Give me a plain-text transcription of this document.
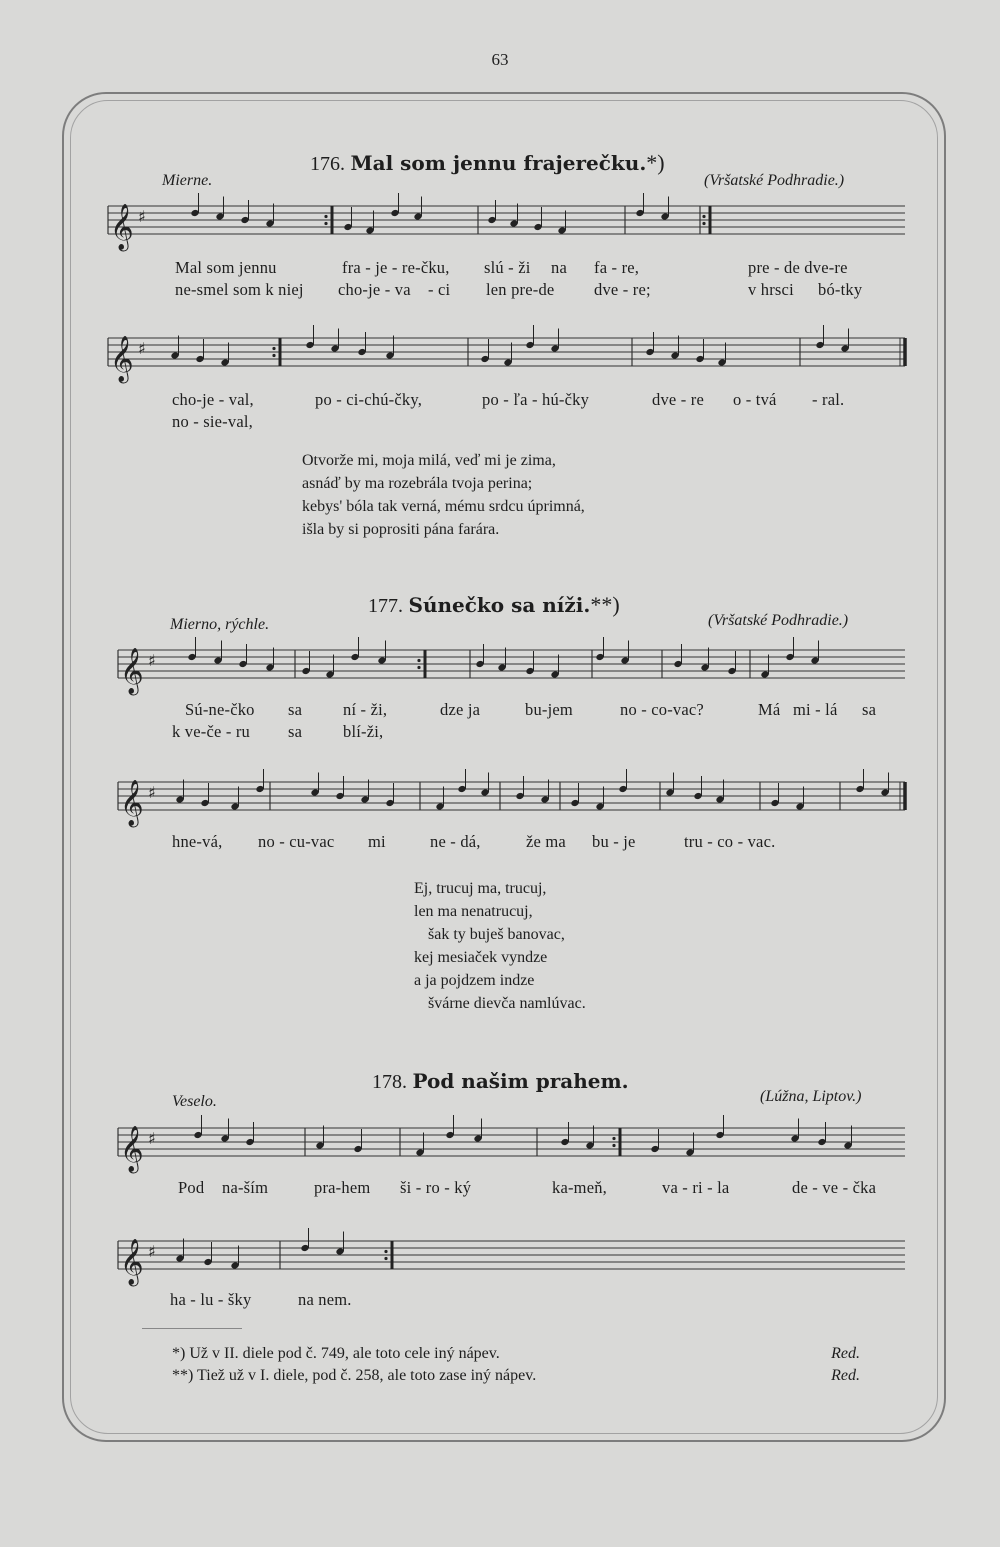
63
176. Mal som jennu frajerečku.*)
Mierne.	(Vršatské Podhradie.)
𝄞 ♯
𝄞 ♯
Mal som jennu	fra - je - re-čku, slú - ži na fa - re,	pre - de dve-re
ne-smel som k niej cho-je - va - ci len pre-de dve - re;	v hrsci bó-tky
cho-je - val,	po - ci-chú-čky,	po - ľa - hú-čky	dve - re o - tvá - ral.
no - sie-val,
Otvorže mi, moja milá, veď mi je zima,
asnáď by ma rozebrála tvoja perina;
kebys' bóla tak verná, mému srdcu úprimná,
išla by si poprositi pána farára.
177. Súnečko sa níži.**)
Mierno, rýchle.	(Vršatské Podhradie.)
𝄞 ♯
𝄞 ♯
Sú-ne-čko sa ní - ži,	dze ja	bu-jem	no - co-vac?	Má mi - lá sa
k ve-če - ru sa blí-ži,
hne-vá, no - cu-vac mi	ne - dá,	že ma bu - je	tru - co - vac.
Ej, trucuj ma, trucuj,
len ma nenatrucuj,
šak ty buješ banovac,
kej mesiaček vyndze
a ja pojdzem indze
švárne dievča namlúvac.
178. Pod našim prahem.
Veselo.	(Lúžna, Liptov.)
𝄞 ♯
𝄞 ♯
Pod na-ším	pra-hem ši - ro - ký	ka-meň,	va - ri - la	de - ve - čka
ha - lu - šky	na nem.
*) Už v II. diele pod č. 749, ale toto cele iný nápev.
**) Tiež už v I. diele, pod č. 258, ale toto zase iný nápev.
Red.
Red.
